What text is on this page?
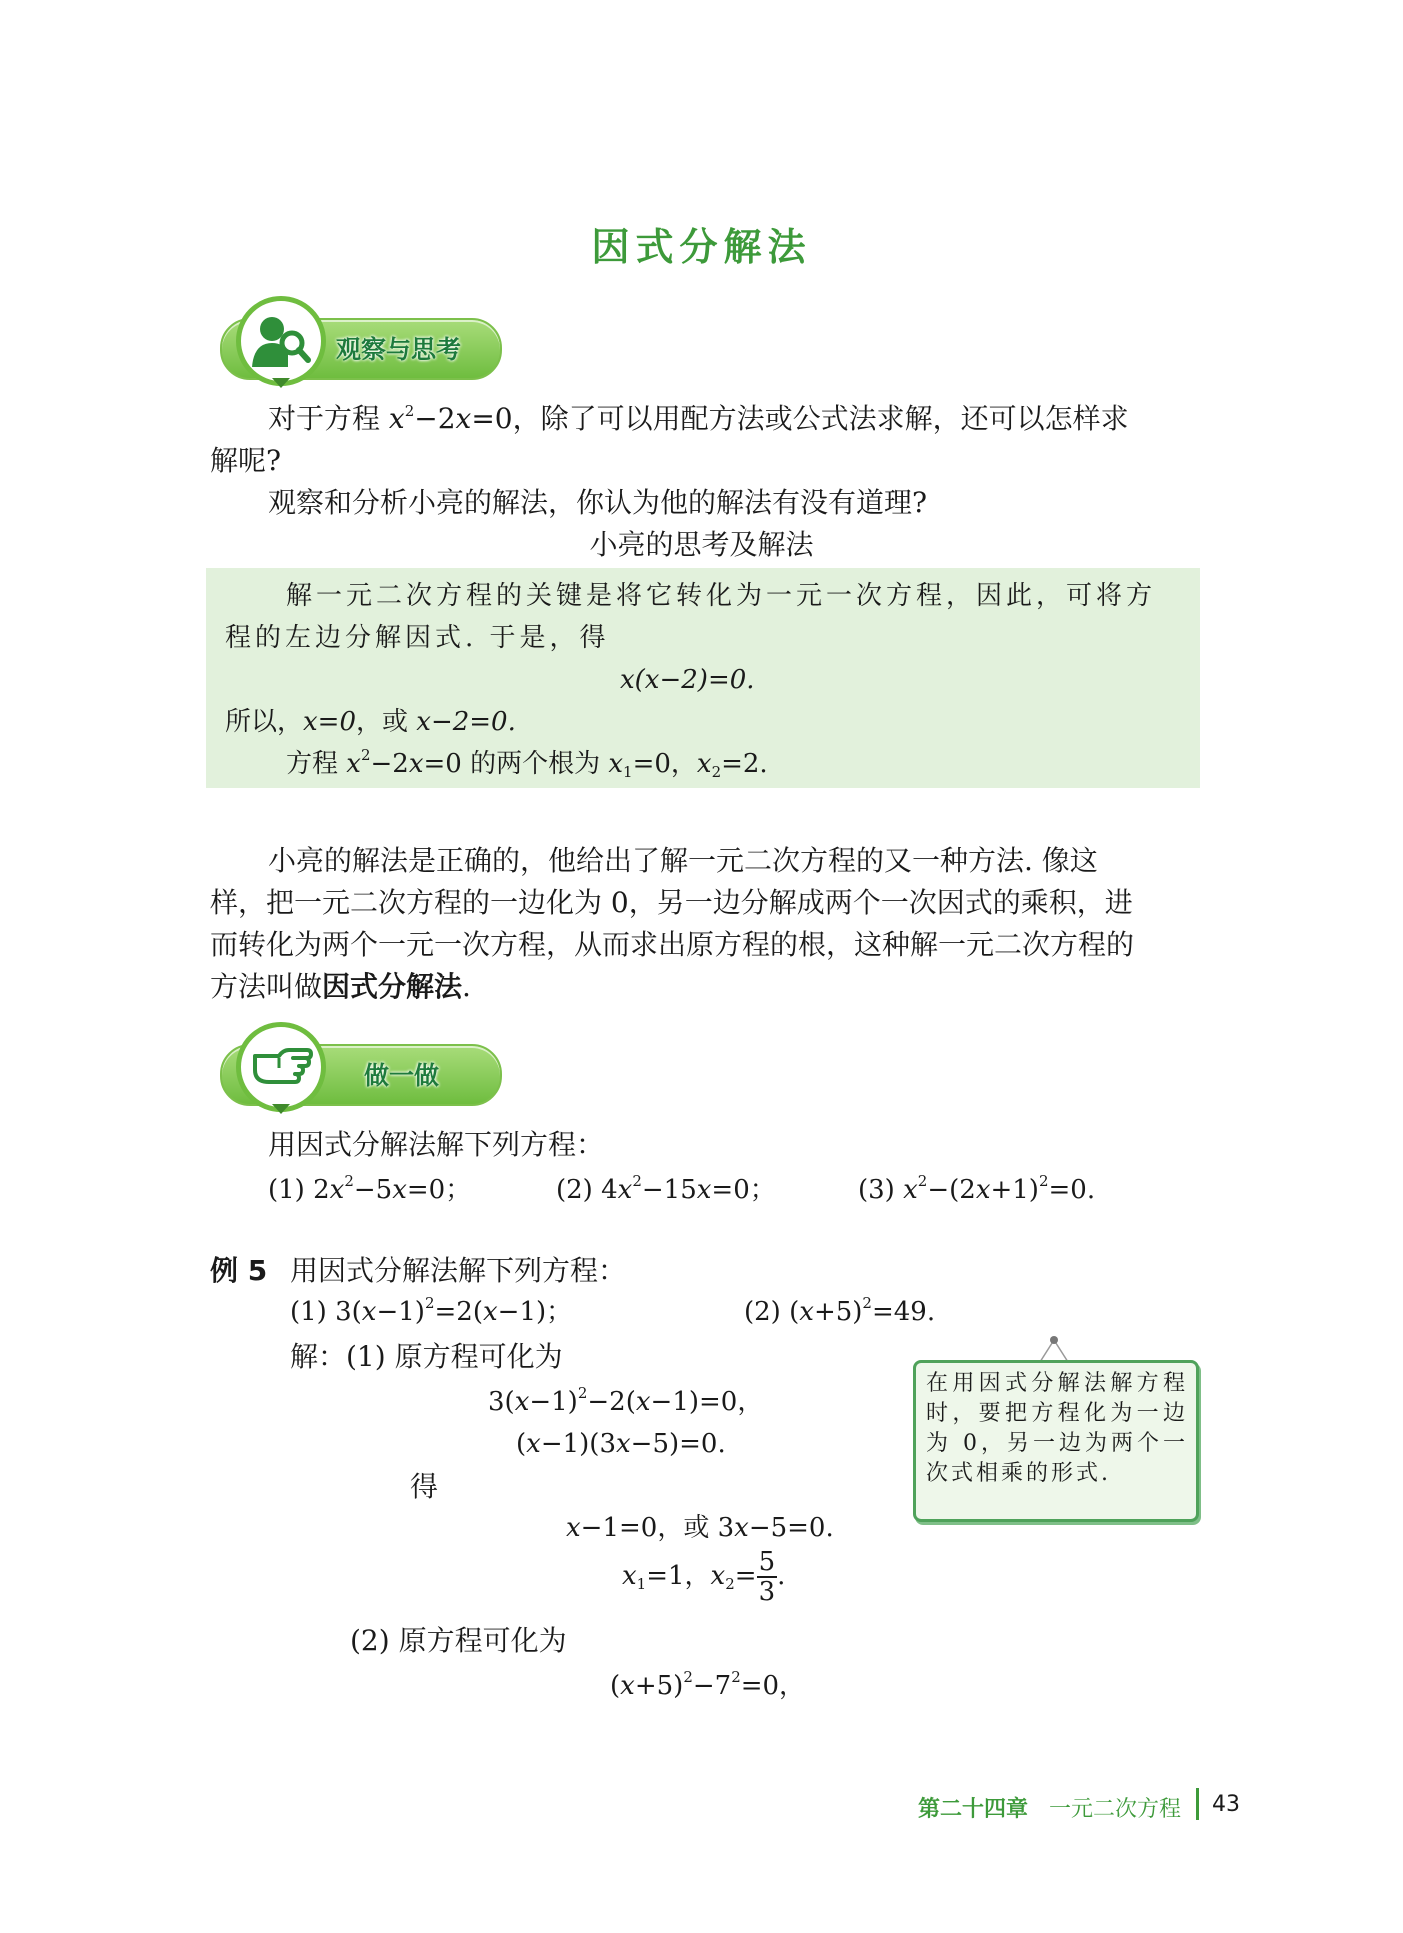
因式分解法
观察与思考
对于方程 $x^2-2x=0$，除了可以用配方法或公式法求解，还可以怎样求
解呢?
观察和分析小亮的解法，你认为他的解法有没有道理?
小亮的思考及解法
解一元二次方程的关键是将它转化为一元一次方程，因此，可将方
程的左边分解因式. 于是，得
x(x−2)=0.
所以，x=0，或 x−2=0.
方程 $x^2-2x=0$ 的两个根为 $x_1=0$，$x_2=2$.
小亮的解法是正确的，他给出了解一元二次方程的又一种方法. 像这
样，把一元二次方程的一边化为 0，另一边分解成两个一次因式的乘积，进
而转化为两个一元一次方程，从而求出原方程的根，这种解一元二次方程的
方法叫做因式分解法.
做一做
用因式分解法解下列方程：
(1) $2x^2-5x=0$；	(2) $4x^2-15x=0$；	(3) $x^2-(2x+1)^2=0$.
例 5 用因式分解法解下列方程：
(1) $3(x-1)^2=2(x-1)$；	(2) $(x+5)^2=49$.
解：(1) 原方程可化为
$3(x-1)^2-2(x-1)=0$，
(x−1)(3x−5)=0.
得
x−1=0，或 3x−5=0.
$x_1=1$，$x_2= \frac{5}{3}$ .
(2) 原方程可化为
$(x+5)^2-7^2=0$，
在用因式分解法解方程时，要把方程化为一边为 0，另一边为两个一次式相乘的形式.
第二十四章 一元二次方程 43
